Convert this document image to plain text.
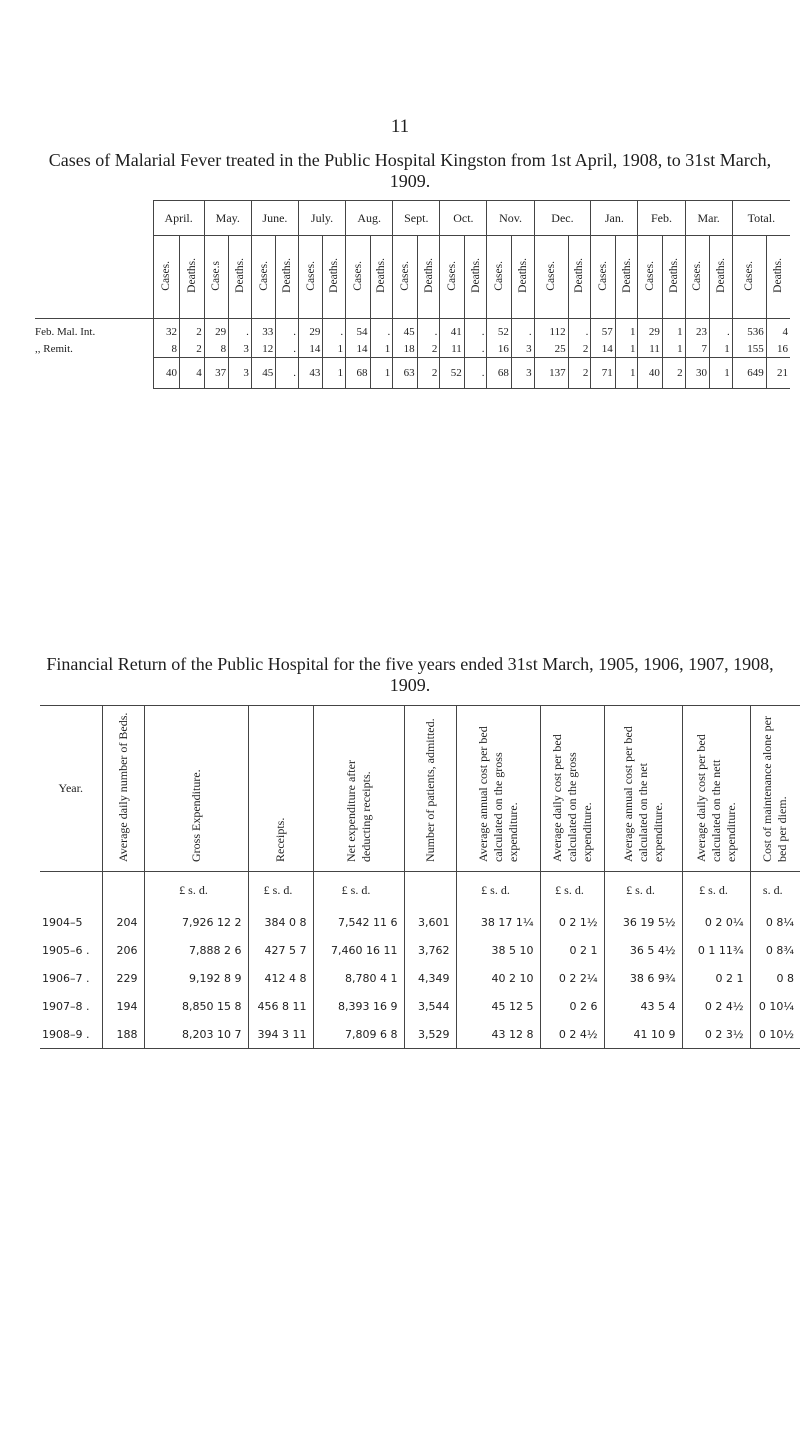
11
Cases of Malarial Fever treated in the Public Hospital Kingston from 1st April, 1908, to 31st March, 1909.
	April.		May.		June.		July.		Aug.		Sept.		Oct.		Nov.		Dec.		Jan.		Feb.		Mar.		Total.	
	Cases.	Deaths.	Case.s	Deaths.	Cases.	Deaths.	Cases.	Deaths.	Cases.	Deaths.	Cases.	Deaths.	Cases.	Deaths.	Cases.	Deaths.	Cases.	Deaths.	Cases.	Deaths.	Cases.	Deaths.	Cases.	Deaths.	Cases.	Deaths.
Feb. Mal. Int.	32	2	29	.	33	.	29	.	54	.	45	.	41	.	52	.	112	.	57	1	29	1	23	.	536	4
,, Remit.	8	2	8	3	12	.	14	1	14	1	18	2	11	.	16	3	25	2	14	1	11	1	7	1	155	16
	40	4	37	3	45	.	43	1	68	1	63	2	52	.	68	3	137	2	71	1	40	2	30	1	649	21
Financial Return of the Public Hospital for the five years ended 31st March, 1905, 1906, 1907, 1908, 1909.
Year.	Average daily number of Beds.	Gross Expenditure.	Receipts.	Net expenditure after deducting receipts.	Number of patients, admitted.	Average annual cost per bed calculated on the gross expenditure.	Average daily cost per bed calculated on the gross expenditure.	Average annual cost per bed calculated on the net expenditure.	Average daily cost per bed calculated on the nett expenditure.	Cost of maintenance alone per bed per diem.
		£ s. d.	£ s. d.	£ s. d.		£ s. d.	£ s. d.	£ s. d.	£ s. d.	s. d.
1904–5	204	7,926 12 2	384 0 8	7,542 11 6	3,601	38 17 1¼	0 2 1½	36 19 5½	0 2 0¼	0 8¼
1905–6 .	206	7,888 2 6	427 5 7	7,460 16 11	3,762	38 5 10	0 2 1	36 5 4½	0 1 11¾	0 8¾
1906–7 .	229	9,192 8 9	412 4 8	8,780 4 1	4,349	40 2 10	0 2 2¼	38 6 9¾	0 2 1	0 8
1907–8 .	194	8,850 15 8	456 8 11	8,393 16 9	3,544	45 12 5	0 2 6	43 5 4	0 2 4½	0 10¼
1908–9 .	188	8,203 10 7	394 3 11	7,809 6 8	3,529	43 12 8	0 2 4½	41 10 9	0 2 3½	0 10½
